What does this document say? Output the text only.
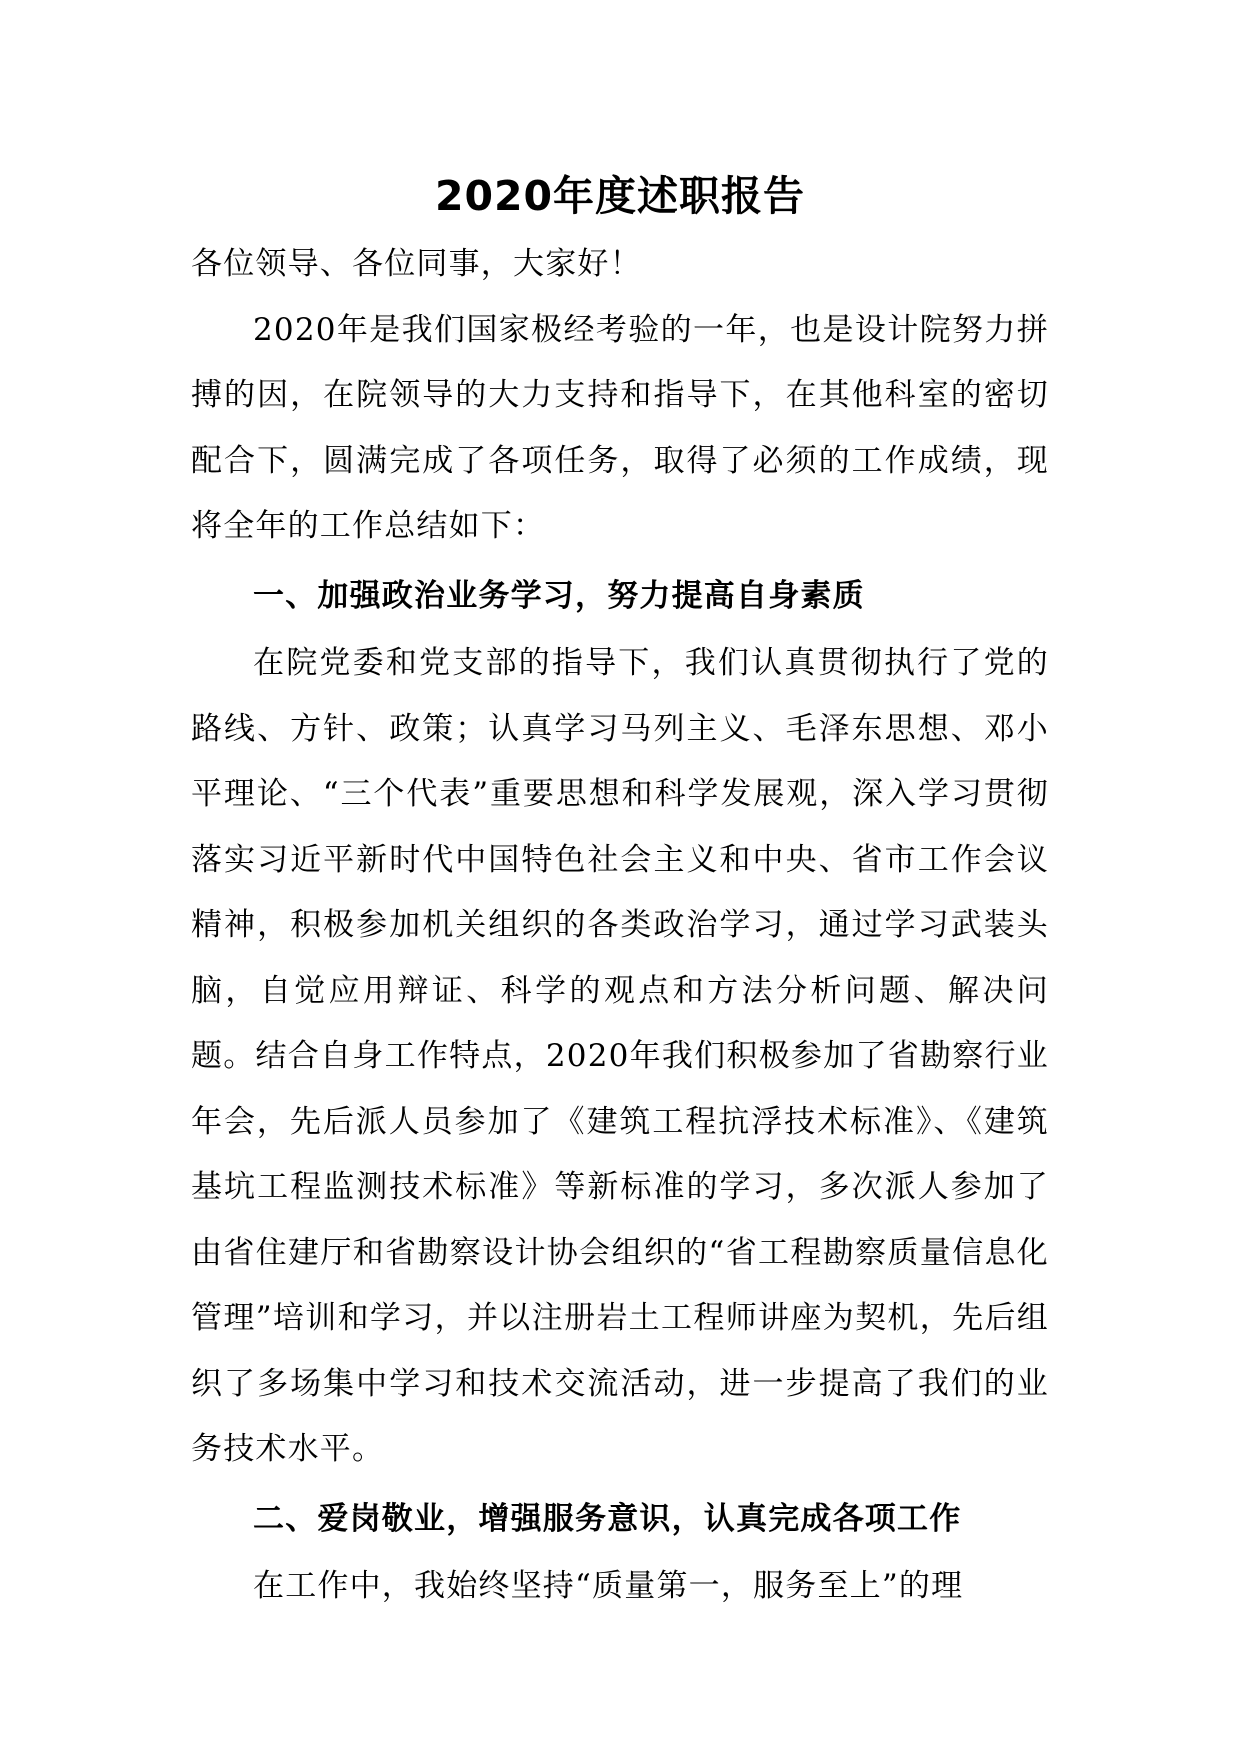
2020年度述职报告

各位领导、各位同事，大家好！

2020年是我们国家极经考验的一年，也是设计院努力拼搏的因，在院领导的大力支持和指导下，在其他科室的密切配合下，圆满完成了各项任务，取得了必须的工作成绩，现将全年的工作总结如下：

一、加强政治业务学习，努力提高自身素质

在院党委和党支部的指导下，我们认真贯彻执行了党的路线、方针、政策；认真学习马列主义、毛泽东思想、邓小平理论、“三个代表”重要思想和科学发展观，深入学习贯彻落实习近平新时代中国特色社会主义和中央、省市工作会议精神，积极参加机关组织的各类政治学习，通过学习武装头脑，自觉应用辩证、科学的观点和方法分析问题、解决问题。结合自身工作特点，2020年我们积极参加了省勘察行业年会，先后派人员参加了《建筑工程抗浮技术标准》、《建筑基坑工程监测技术标准》等新标准的学习，多次派人参加了由省住建厅和省勘察设计协会组织的“省工程勘察质量信息化管理”培训和学习，并以注册岩土工程师讲座为契机，先后组织了多场集中学习和技术交流活动，进一步提高了我们的业务技术水平。

二、爱岗敬业，增强服务意识，认真完成各项工作

在工作中，我始终坚持“质量第一，服务至上”的理
